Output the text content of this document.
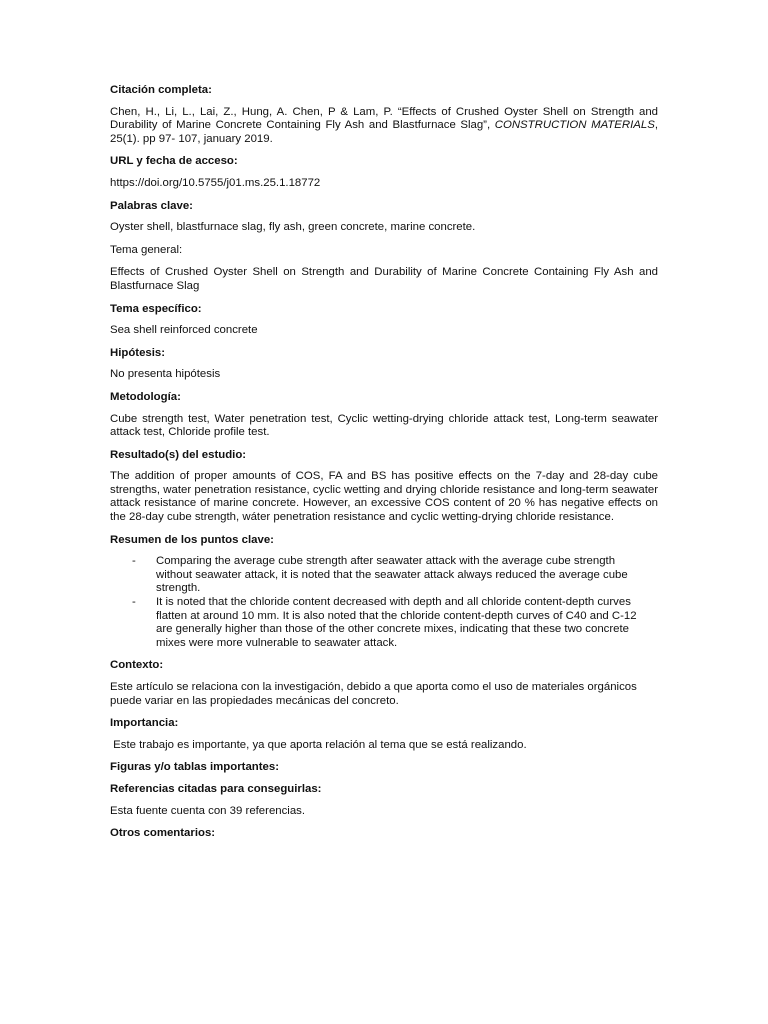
Citación completa:
Chen, H., Li, L., Lai, Z., Hung, A. Chen, P & Lam, P. “Effects of Crushed Oyster Shell on Strength and Durability of Marine Concrete Containing Fly Ash and Blastfurnace Slag”, CONSTRUCTION MATERIALS, 25(1). pp 97- 107, january 2019.
URL y fecha de acceso:
https://doi.org/10.5755/j01.ms.25.1.18772
Palabras clave:
Oyster shell, blastfurnace slag, fly ash, green concrete, marine concrete.
Tema general:
Effects of Crushed Oyster Shell on Strength and Durability of Marine Concrete Containing Fly Ash and Blastfurnace Slag
Tema específico:
Sea shell reinforced concrete
Hipótesis:
No presenta hipótesis
Metodología:
Cube strength test, Water penetration test, Cyclic wetting-drying chloride attack test, Long-term seawater attack test, Chloride profile test.
Resultado(s) del estudio:
The addition of proper amounts of COS, FA and BS has positive effects on the 7-day and 28-day cube strengths, water penetration resistance, cyclic wetting and drying chloride resistance and long-term seawater attack resistance of marine concrete. However, an excessive COS content of 20 % has negative effects on the 28-day cube strength, wáter penetration resistance and cyclic wetting-drying chloride resistance.
Resumen de los puntos clave:
- Comparing the average cube strength after seawater attack with the average cube strength without seawater attack, it is noted that the seawater attack always reduced the average cube strength.
- It is noted that the chloride content decreased with depth and all chloride content-depth curves flatten at around 10 mm. It is also noted that the chloride content-depth curves of C40 and C-12 are generally higher than those of the other concrete mixes, indicating that these two concrete mixes were more vulnerable to seawater attack.
Contexto:
Este artículo se relaciona con la investigación, debido a que aporta como el uso de materiales orgánicos puede variar en las propiedades mecánicas del concreto.
Importancia:
Este trabajo es importante, ya que aporta relación al tema que se está realizando.
Figuras y/o tablas importantes:
Referencias citadas para conseguirlas:
Esta fuente cuenta con 39 referencias.
Otros comentarios:
